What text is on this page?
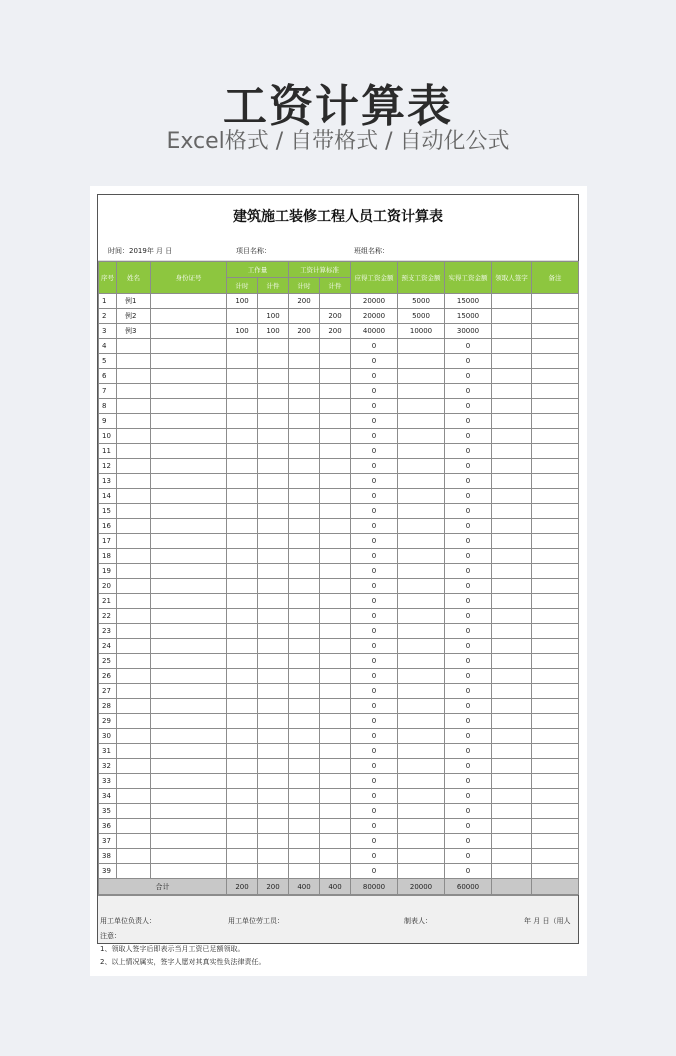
工资计算表
Excel格式 / 自带格式 / 自动化公式
建筑施工装修工程人员工资计算表
时间：2019年 月 日	项目名称：	班组名称：
序号	姓名	身份证号	工作量		工资计算标准		应得工资金额	预支工资金额	实得工资金额	领取人签字	备注
			计时	计件	计时	计件					
1	例1		100		200		20000	5000	15000		
2	例2			100		200	20000	5000	15000		
3	例3		100	100	200	200	40000	10000	30000		
4							0		0		
5							0		0		
6							0		0		
7							0		0		
8							0		0		
9							0		0		
10							0		0		
11							0		0		
12							0		0		
13							0		0		
14							0		0		
15							0		0		
16							0		0		
17							0		0		
18							0		0		
19							0		0		
20							0		0		
21							0		0		
22							0		0		
23							0		0		
24							0		0		
25							0		0		
26							0		0		
27							0		0		
28							0		0		
29							0		0		
30							0		0		
31							0		0		
32							0		0		
33							0		0		
34							0		0		
35							0		0		
36							0		0		
37							0		0		
38							0		0		
39							0		0		
合计			200	200	400	400	80000	20000	60000		
用工单位负责人：	用工单位劳工员：	制表人：	年 月 日（用人
注意：
1、领取人签字后即表示当月工资已足额领取。
2、以上情况属实，签字人愿对其真实性负法律责任。
